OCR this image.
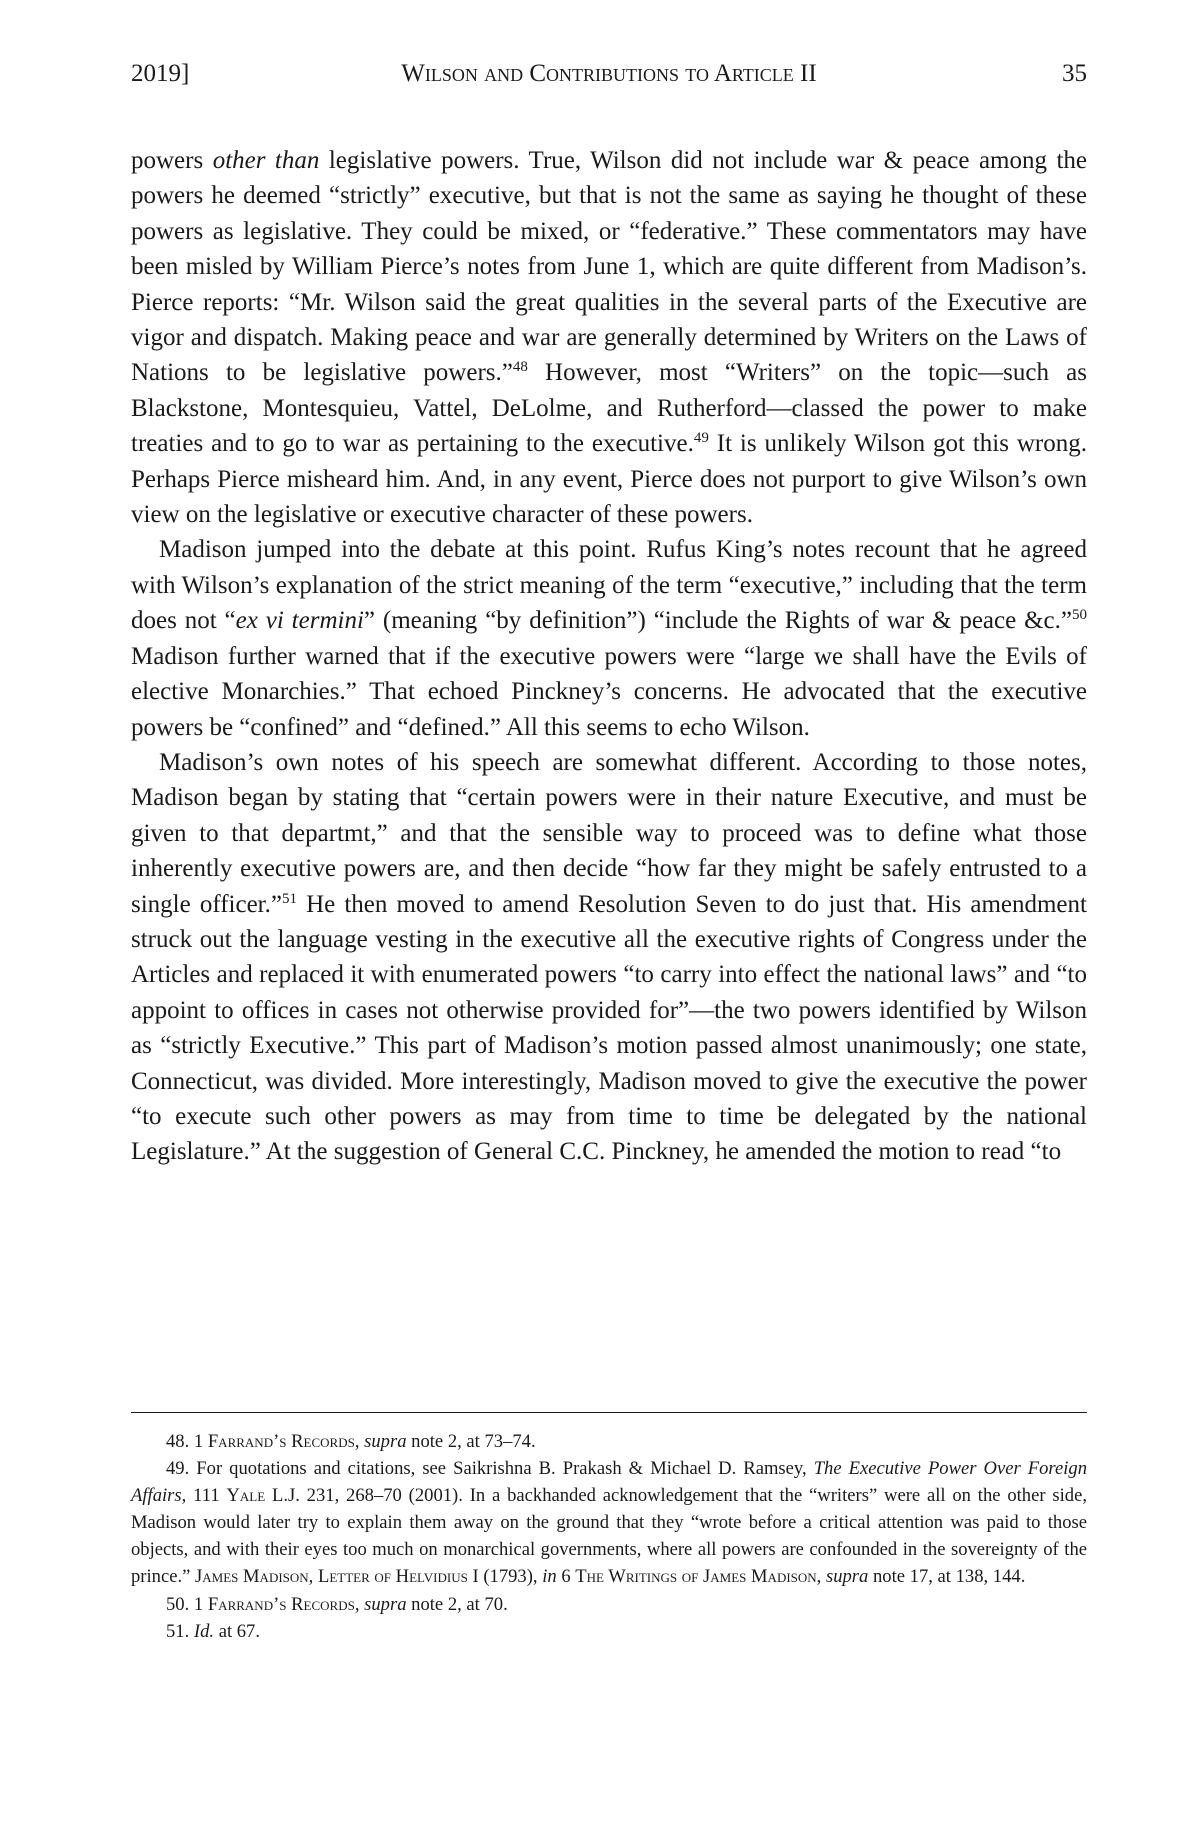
2019]	Wilson and Contributions to Article II	35

powers other than legislative powers. True, Wilson did not include war & peace among the powers he deemed “strictly” executive, but that is not the same as saying he thought of these powers as legislative. They could be mixed, or “federative.” These commentators may have been misled by William Pierce’s notes from June 1, which are quite different from Madison’s. Pierce reports: “Mr. Wilson said the great qualities in the several parts of the Executive are vigor and dispatch. Making peace and war are generally determined by Writers on the Laws of Nations to be legislative powers.”$^{48}$ However, most “Writers” on the topic—such as Blackstone, Montesquieu, Vattel, DeLolme, and Rutherford—classed the power to make treaties and to go to war as pertaining to the executive.$^{49}$ It is unlikely Wilson got this wrong. Perhaps Pierce misheard him. And, in any event, Pierce does not purport to give Wilson’s own view on the legislative or executive character of these powers.

Madison jumped into the debate at this point. Rufus King’s notes recount that he agreed with Wilson’s explanation of the strict meaning of the term “executive,” including that the term does not “ex vi termini” (meaning “by definition”) “include the Rights of war & peace &c.”$^{50}$ Madison further warned that if the executive powers were “large we shall have the Evils of elective Monarchies.” That echoed Pinckney’s concerns. He advocated that the executive powers be “confined” and “defined.” All this seems to echo Wilson.

Madison’s own notes of his speech are somewhat different. According to those notes, Madison began by stating that “certain powers were in their nature Executive, and must be given to that departmt,” and that the sensible way to proceed was to define what those inherently executive powers are, and then decide “how far they might be safely entrusted to a single officer.”$^{51}$ He then moved to amend Resolution Seven to do just that. His amendment struck out the language vesting in the executive all the executive rights of Congress under the Articles and replaced it with enumerated powers “to carry into effect the national laws” and “to appoint to offices in cases not otherwise provided for”—the two powers identified by Wilson as “strictly Executive.” This part of Madison’s motion passed almost unanimously; one state, Connecticut, was divided. More interestingly, Madison moved to give the executive the power “to execute such other powers as may from time to time be delegated by the national Legislature.” At the suggestion of General C.C. Pinckney, he amended the motion to read “to

48. 1 Farrand’s Records, supra note 2, at 73–74.

49. For quotations and citations, see Saikrishna B. Prakash & Michael D. Ramsey, The Executive Power Over Foreign Affairs, 111 Yale L.J. 231, 268–70 (2001). In a backhanded acknowledgement that the “writers” were all on the other side, Madison would later try to explain them away on the ground that they “wrote before a critical attention was paid to those objects, and with their eyes too much on monarchical governments, where all powers are confounded in the sovereignty of the prince.” James Madison, Letter of Helvidius I (1793), in 6 The Writings of James Madison, supra note 17, at 138, 144.

50. 1 Farrand’s Records, supra note 2, at 70.

51. Id. at 67.
